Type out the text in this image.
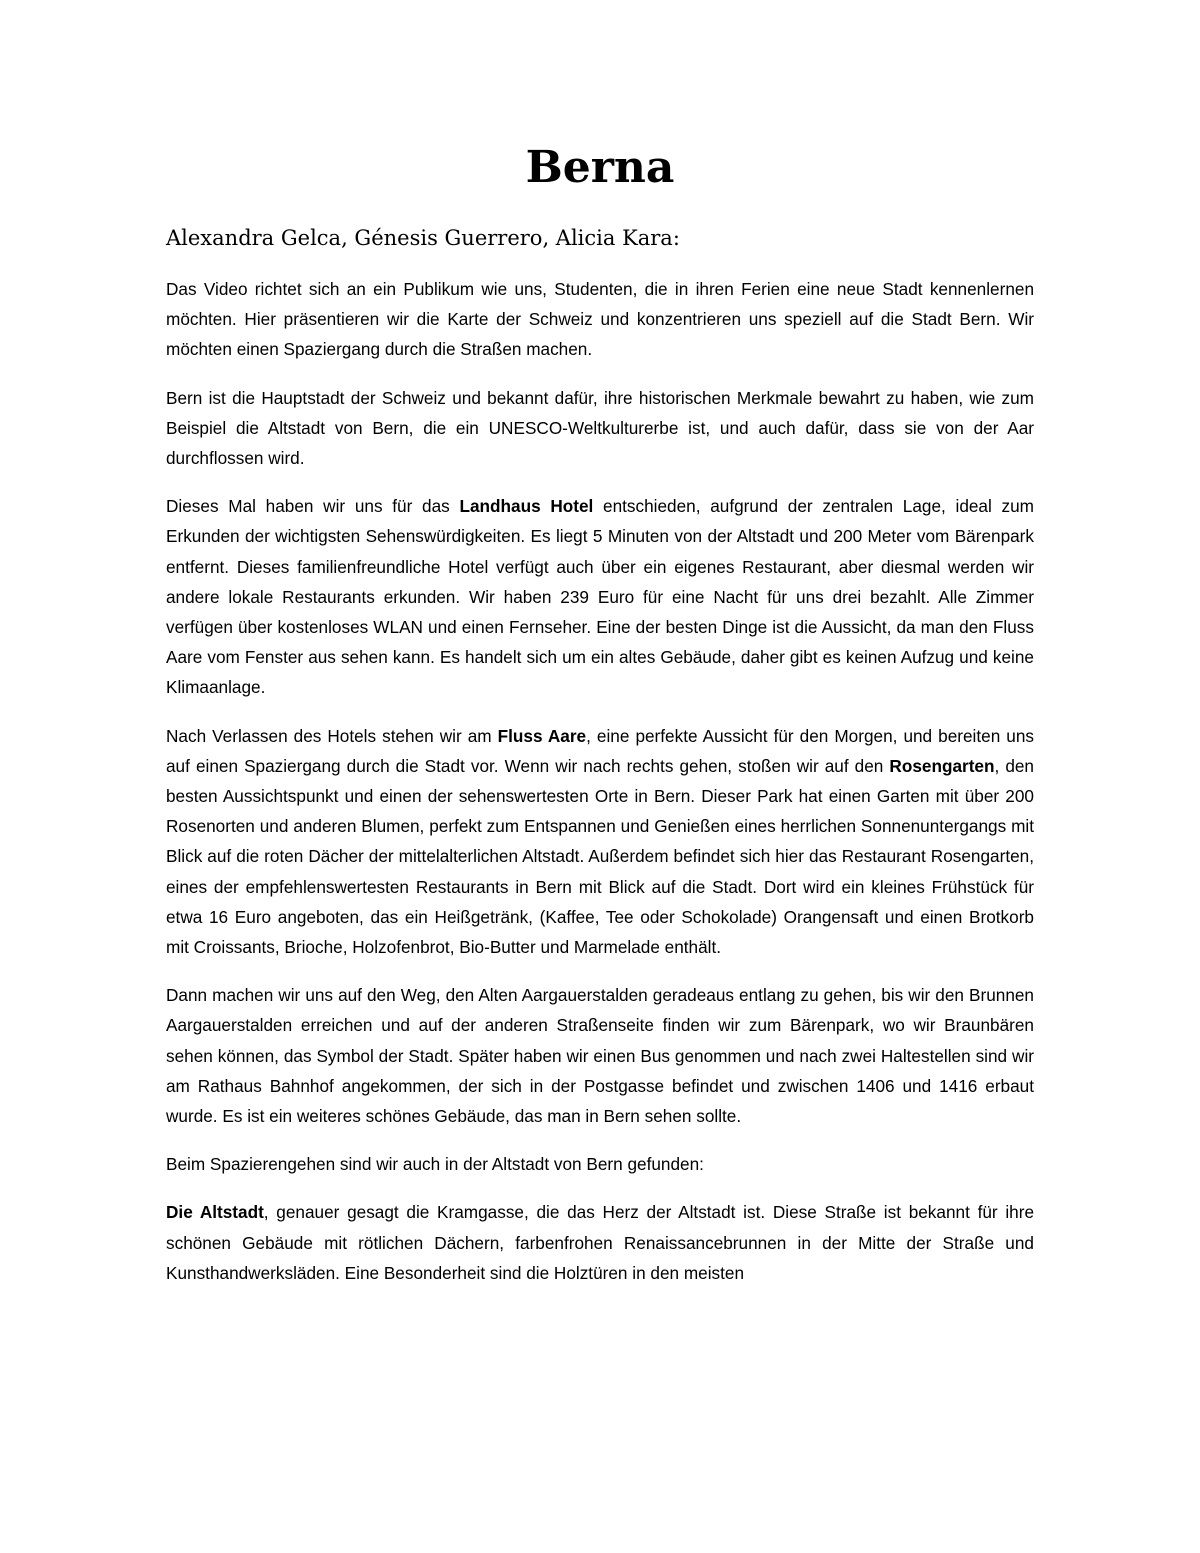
Berna

Alexandra Gelca, Génesis Guerrero, Alicia Kara:

Das Video richtet sich an ein Publikum wie uns, Studenten, die in ihren Ferien eine neue Stadt kennenlernen möchten. Hier präsentieren wir die Karte der Schweiz und konzentrieren uns speziell auf die Stadt Bern. Wir möchten einen Spaziergang durch die Straßen machen.

Bern ist die Hauptstadt der Schweiz und bekannt dafür, ihre historischen Merkmale bewahrt zu haben, wie zum Beispiel die Altstadt von Bern, die ein UNESCO-Weltkulturerbe ist, und auch dafür, dass sie von der Aar durchflossen wird.

Dieses Mal haben wir uns für das Landhaus Hotel entschieden, aufgrund der zentralen Lage, ideal zum Erkunden der wichtigsten Sehenswürdigkeiten. Es liegt 5 Minuten von der Altstadt und 200 Meter vom Bärenpark entfernt. Dieses familienfreundliche Hotel verfügt auch über ein eigenes Restaurant, aber diesmal werden wir andere lokale Restaurants erkunden. Wir haben 239 Euro für eine Nacht für uns drei bezahlt. Alle Zimmer verfügen über kostenloses WLAN und einen Fernseher. Eine der besten Dinge ist die Aussicht, da man den Fluss Aare vom Fenster aus sehen kann. Es handelt sich um ein altes Gebäude, daher gibt es keinen Aufzug und keine Klimaanlage.

Nach Verlassen des Hotels stehen wir am Fluss Aare, eine perfekte Aussicht für den Morgen, und bereiten uns auf einen Spaziergang durch die Stadt vor. Wenn wir nach rechts gehen, stoßen wir auf den Rosengarten, den besten Aussichtspunkt und einen der sehenswertesten Orte in Bern. Dieser Park hat einen Garten mit über 200 Rosenorten und anderen Blumen, perfekt zum Entspannen und Genießen eines herrlichen Sonnenuntergangs mit Blick auf die roten Dächer der mittelalterlichen Altstadt. Außerdem befindet sich hier das Restaurant Rosengarten, eines der empfehlenswertesten Restaurants in Bern mit Blick auf die Stadt. Dort wird ein kleines Frühstück für etwa 16 Euro angeboten, das ein Heißgetränk, (Kaffee, Tee oder Schokolade) Orangensaft und einen Brotkorb mit Croissants, Brioche, Holzofenbrot, Bio-Butter und Marmelade enthält.

Dann machen wir uns auf den Weg, den Alten Aargauerstalden geradeaus entlang zu gehen, bis wir den Brunnen Aargauerstalden erreichen und auf der anderen Straßenseite finden wir zum Bärenpark, wo wir Braunbären sehen können, das Symbol der Stadt. Später haben wir einen Bus genommen und nach zwei Haltestellen sind wir am Rathaus Bahnhof angekommen, der sich in der Postgasse befindet und zwischen 1406 und 1416 erbaut wurde. Es ist ein weiteres schönes Gebäude, das man in Bern sehen sollte.

Beim Spazierengehen sind wir auch in der Altstadt von Bern gefunden:

Die Altstadt, genauer gesagt die Kramgasse, die das Herz der Altstadt ist. Diese Straße ist bekannt für ihre schönen Gebäude mit rötlichen Dächern, farbenfrohen Renaissancebrunnen in der Mitte der Straße und Kunsthandwerksläden. Eine Besonderheit sind die Holztüren in den meisten
